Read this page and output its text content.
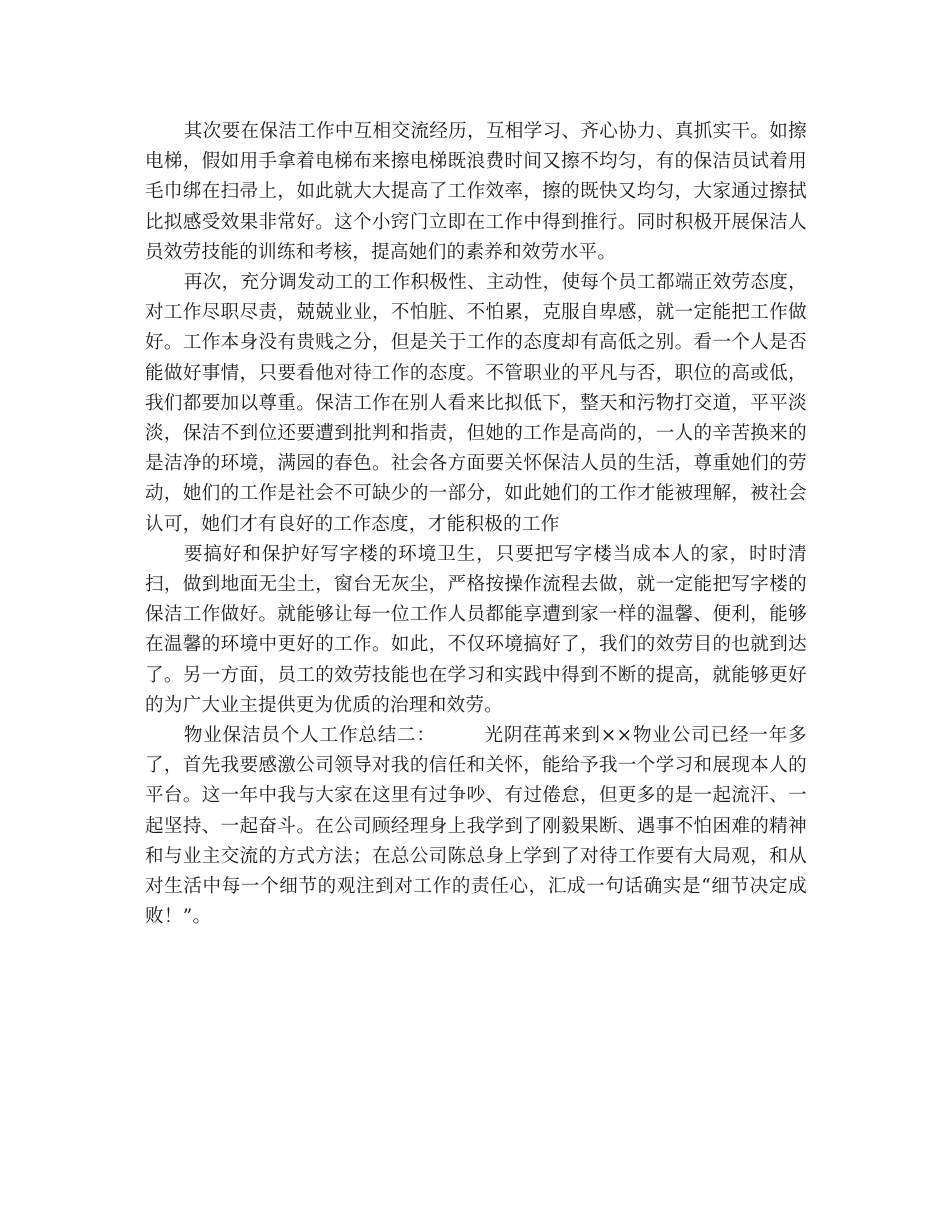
其次要在保洁工作中互相交流经历，互相学习、齐心协力、真抓实干。如擦电梯，假如用手拿着电梯布来擦电梯既浪费时间又擦不均匀，有的保洁员试着用毛巾绑在扫帚上，如此就大大提高了工作效率，擦的既快又均匀，大家通过擦拭比拟感受效果非常好。这个小窍门立即在工作中得到推行。同时积极开展保洁人员效劳技能的训练和考核，提高她们的素养和效劳水平。

再次，充分调发动工的工作积极性、主动性，使每个员工都端正效劳态度，对工作尽职尽责，兢兢业业，不怕脏、不怕累，克服自卑感，就一定能把工作做好。工作本身没有贵贱之分，但是关于工作的态度却有高低之别。看一个人是否能做好事情，只要看他对待工作的态度。不管职业的平凡与否，职位的高或低，我们都要加以尊重。保洁工作在别人看来比拟低下，整天和污物打交道，平平淡淡，保洁不到位还要遭到批判和指责，但她的工作是高尚的，一人的辛苦换来的是洁净的环境，满园的春色。社会各方面要关怀保洁人员的生活，尊重她们的劳动，她们的工作是社会不可缺少的一部分，如此她们的工作才能被理解，被社会认可，她们才有良好的工作态度，才能积极的工作

要搞好和保护好写字楼的环境卫生，只要把写字楼当成本人的家，时时清扫，做到地面无尘土，窗台无灰尘，严格按操作流程去做，就一定能把写字楼的保洁工作做好。就能够让每一位工作人员都能享遭到家一样的温馨、便利，能够在温馨的环境中更好的工作。如此，不仅环境搞好了，我们的效劳目的也就到达了。另一方面，员工的效劳技能也在学习和实践中得到不断的提高，就能够更好的为广大业主提供更为优质的治理和效劳。

物业保洁员个人工作总结二：	光阴荏苒来到××物业公司已经一年多了，首先我要感激公司领导对我的信任和关怀，能给予我一个学习和展现本人的平台。这一年中我与大家在这里有过争吵、有过倦怠，但更多的是一起流汗、一起坚持、一起奋斗。在公司顾经理身上我学到了刚毅果断、遇事不怕困难的精神和与业主交流的方式方法；在总公司陈总身上学到了对待工作要有大局观，和从对生活中每一个细节的观注到对工作的责任心，汇成一句话确实是“细节决定成败！”。
